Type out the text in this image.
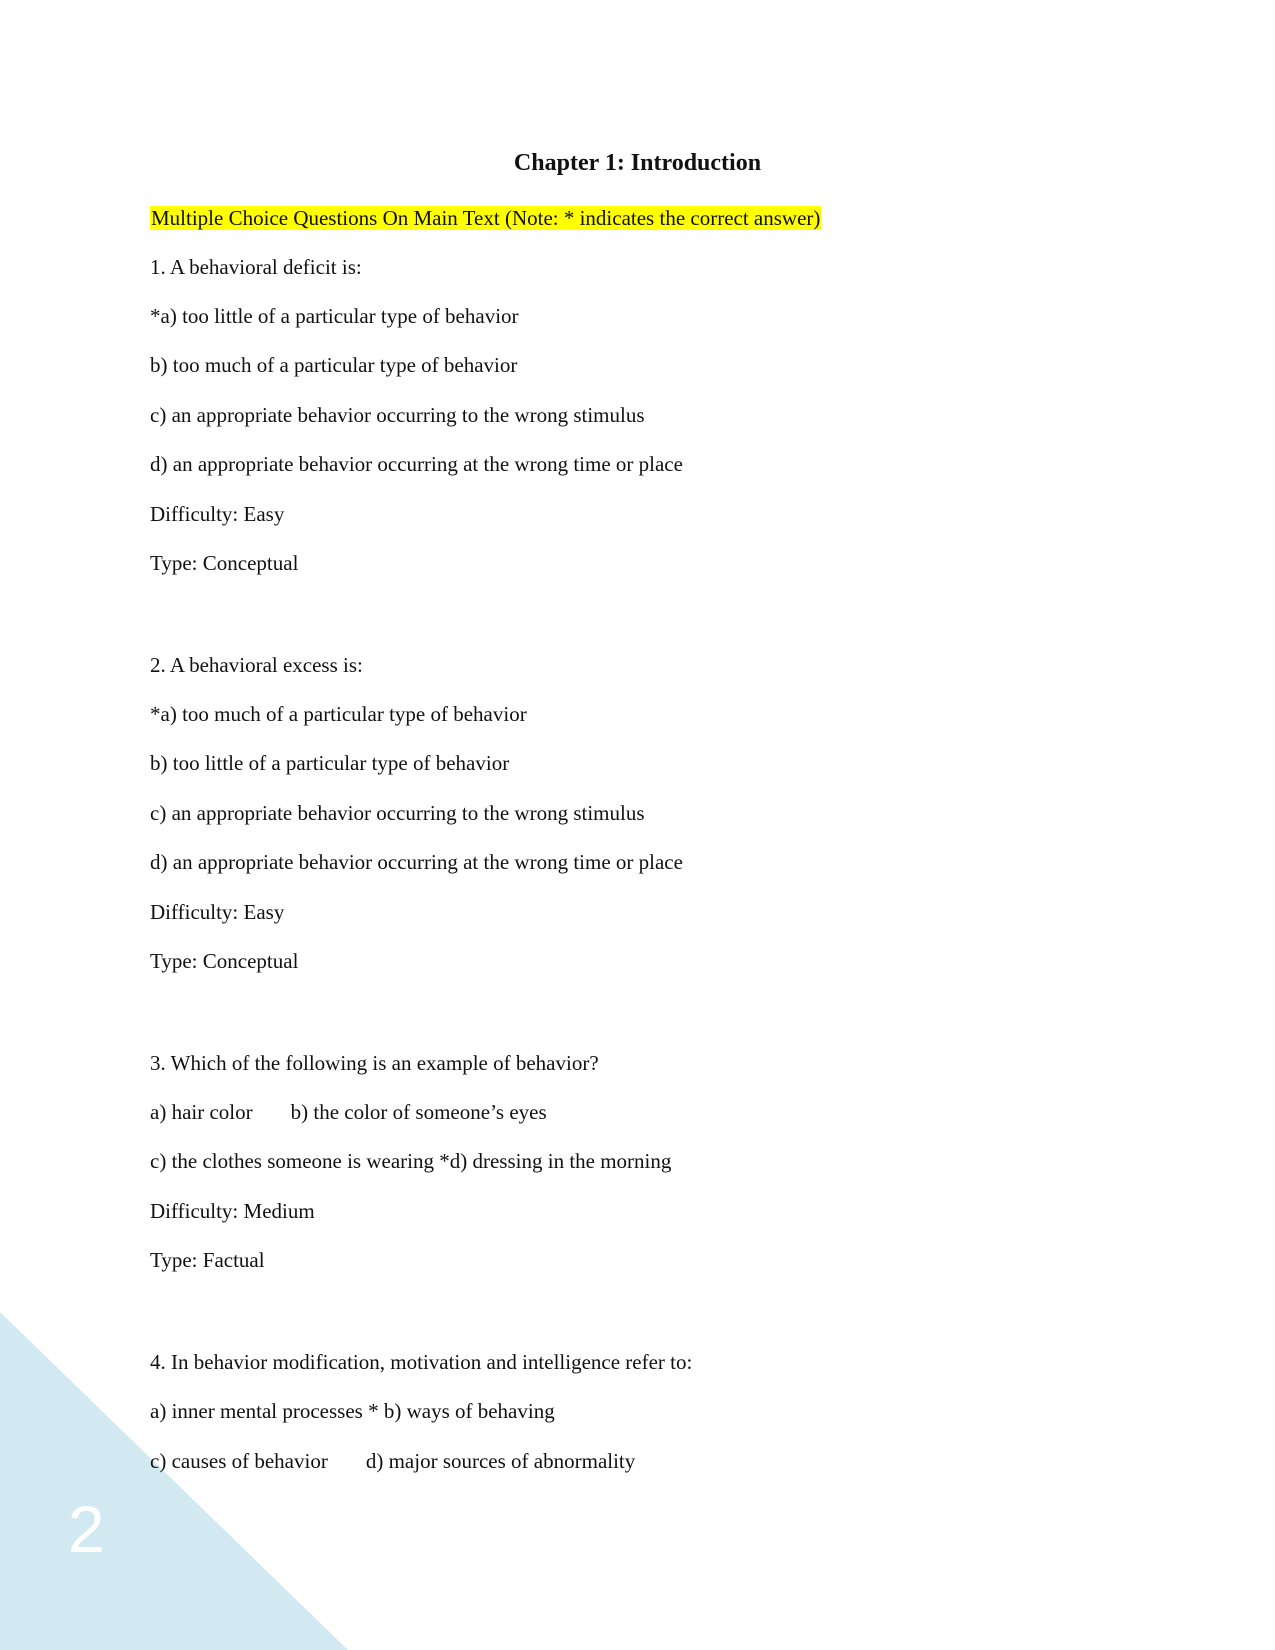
2
Chapter 1: Introduction
Multiple Choice Questions On Main Text (Note: * indicates the correct answer)
1. A behavioral deficit is:
*a) too little of a particular type of behavior
b) too much of a particular type of behavior
c) an appropriate behavior occurring to the wrong stimulus
d) an appropriate behavior occurring at the wrong time or place
Difficulty: Easy
Type: Conceptual
2. A behavioral excess is:
*a) too much of a particular type of behavior
b) too little of a particular type of behavior
c) an appropriate behavior occurring to the wrong stimulus
d) an appropriate behavior occurring at the wrong time or place
Difficulty: Easy
Type: Conceptual
3. Which of the following is an example of behavior?
a) hair color b) the color of someone’s eyes
c) the clothes someone is wearing *d) dressing in the morning
Difficulty: Medium
Type: Factual
4. In behavior modification, motivation and intelligence refer to:
a) inner mental processes * b) ways of behaving
c) causes of behavior d) major sources of abnormality
